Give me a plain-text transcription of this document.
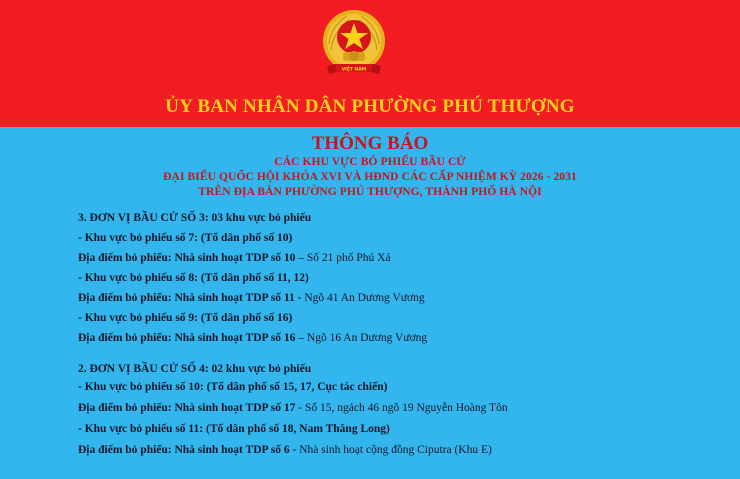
VIỆT NAM
ỦY BAN NHÂN DÂN PHƯỜNG PHÚ THƯỢNG
THÔNG BÁO
CÁC KHU VỰC BỎ PHIẾU BẦU CỬ
ĐẠI BIỂU QUỐC HỘI KHÓA XVI VÀ HĐND CÁC CẤP NHIỆM KỲ 2026 - 2031
TRÊN ĐỊA BÀN PHƯỜNG PHÚ THƯỢNG, THÀNH PHỐ HÀ NỘI
3. ĐƠN VỊ BẦU CỬ SỐ 3: 03 khu vực bỏ phiếu
- Khu vực bỏ phiếu số 7: (Tổ dân phố số 10)
Địa điểm bỏ phiếu: Nhà sinh hoạt TDP số 10 – Số 21 phố Phú Xá
- Khu vực bỏ phiếu số 8: (Tổ dân phố số 11, 12)
Địa điểm bỏ phiếu: Nhà sinh hoạt TDP số 11 - Ngõ 41 An Dương Vương
- Khu vực bỏ phiếu số 9: (Tổ dân phố số 16)
Địa điểm bỏ phiếu: Nhà sinh hoạt TDP số 16 – Ngõ 16 An Dương Vương
2. ĐƠN VỊ BẦU CỬ SỐ 4: 02 khu vực bỏ phiếu
- Khu vực bỏ phiếu số 10: (Tổ dân phố số 15, 17, Cục tác chiến)
Địa điểm bỏ phiếu: Nhà sinh hoạt TDP số 17 - Số 15, ngách 46 ngõ 19 Nguyễn Hoàng Tôn
- Khu vực bỏ phiếu số 11: (Tổ dân phố số 18, Nam Thăng Long)
Địa điểm bỏ phiếu: Nhà sinh hoạt TDP số 6 - Nhà sinh hoạt cộng đồng Ciputra (Khu E)
